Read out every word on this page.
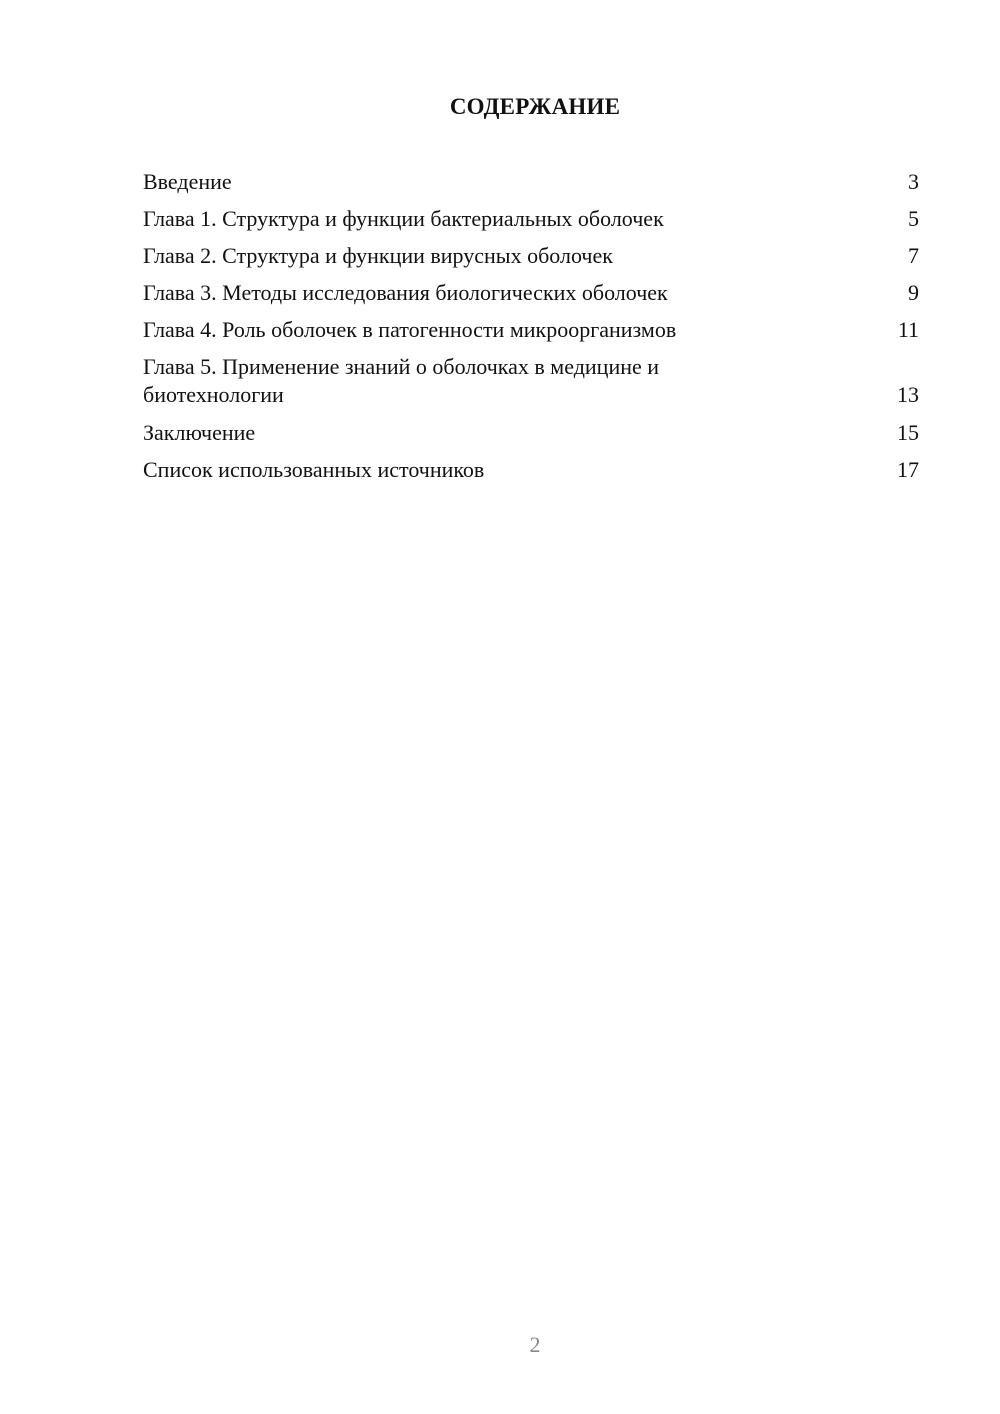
СОДЕРЖАНИЕ
Введение	3
Глава 1. Структура и функции бактериальных оболочек	5
Глава 2. Структура и функции вирусных оболочек	7
Глава 3. Методы исследования биологических оболочек	9
Глава 4. Роль оболочек в патогенности микроорганизмов	11
Глава 5. Применение знаний о оболочках в медицине и биотехнологии	13
Заключение	15
Список использованных источников	17
2
